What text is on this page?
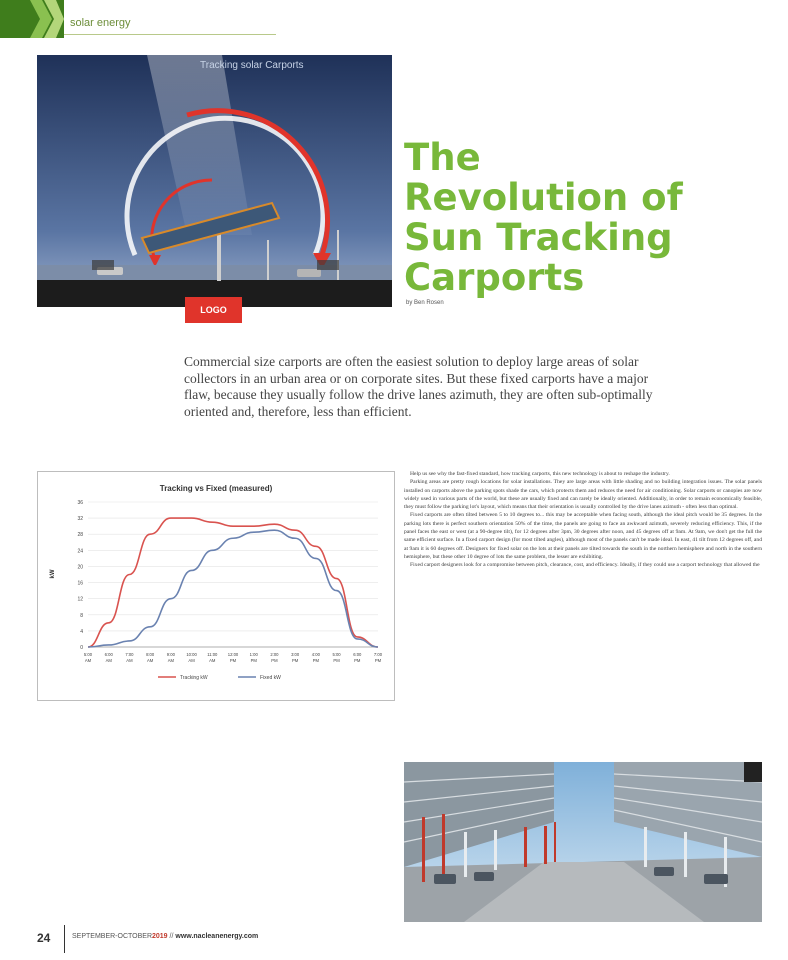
solar energy
Tracking solar Carports
LOGO
The
Revolution of
Sun Tracking
Carports
by Ben Rosen
Commercial size carports are often the easiest solution to deploy large areas of solar collectors in an urban area or on corporate sites. But these fixed carports have a major flaw, because they usually follow the drive lanes azimuth, they are often sub-optimally oriented and, therefore, less than efficient.
Tracking vs Fixed (measured)
kW
0
4
8
12
16
20
24
28
32
36
5:00 AM
6:00 AM
7:00 AM
8:00 AM
9:00 AM
10:00 AM
11:00 AM
12:00 PM
1:00 PM
2:00 PM
3:00 PM
4:00 PM
5:00 PM
6:00 PM
7:00 PM
Tracking kW	Fixed kW

Help us see why the fast-fixed standard, how tracking carports, this new technology is about to reshape the industry.

Parking areas are pretty rough locations for solar installations. They are large areas with little shading and no building integration issues. The solar panels installed on carports above the parking spots shade the cars, which protects them and reduces the need for air conditioning. Solar carports or canopies are now widely used in various parts of the world, but these are usually fixed and can rarely be ideally oriented. Additionally, in order to remain economically feasible, they must follow the parking lot's layout, which means that their orientation is usually controlled by the drive lanes azimuth - often less than optimal.

Fixed carports are often tilted between 5 to 10 degrees to... this may be acceptable when facing south, although the ideal pitch would be 35 degrees. In the parking lots there is perfect southern orientation 50% of the time, the panels are going to face an awkward azimuth, severely reducing efficiency. This, if the panel faces the east or west (at a 90-degree tilt), for 12 degrees after 3pm, 30 degrees after noon, and 45 degrees off at 9am. At 9am, we don't get the full the same efficient surface. In a fixed carport design (for most tilted angles), although most of the panels can't be made ideal. In east, 41 tilt from 12 degrees off, and at 9am it is 60 degrees off. Designers for fixed solar on the lots at their panels are tilted towards the south in the northern hemisphere and north in the southern hemisphere, but these other 10 degree of lots the same problem, the lesser are exhibiting.

Fixed carport designers look for a compromise between pitch, clearance, cost, and efficiency. Ideally, if they could use a carport technology that allowed the

24	SEPTEMBER-OCTOBER2019 // www.nacleanenergy.com
